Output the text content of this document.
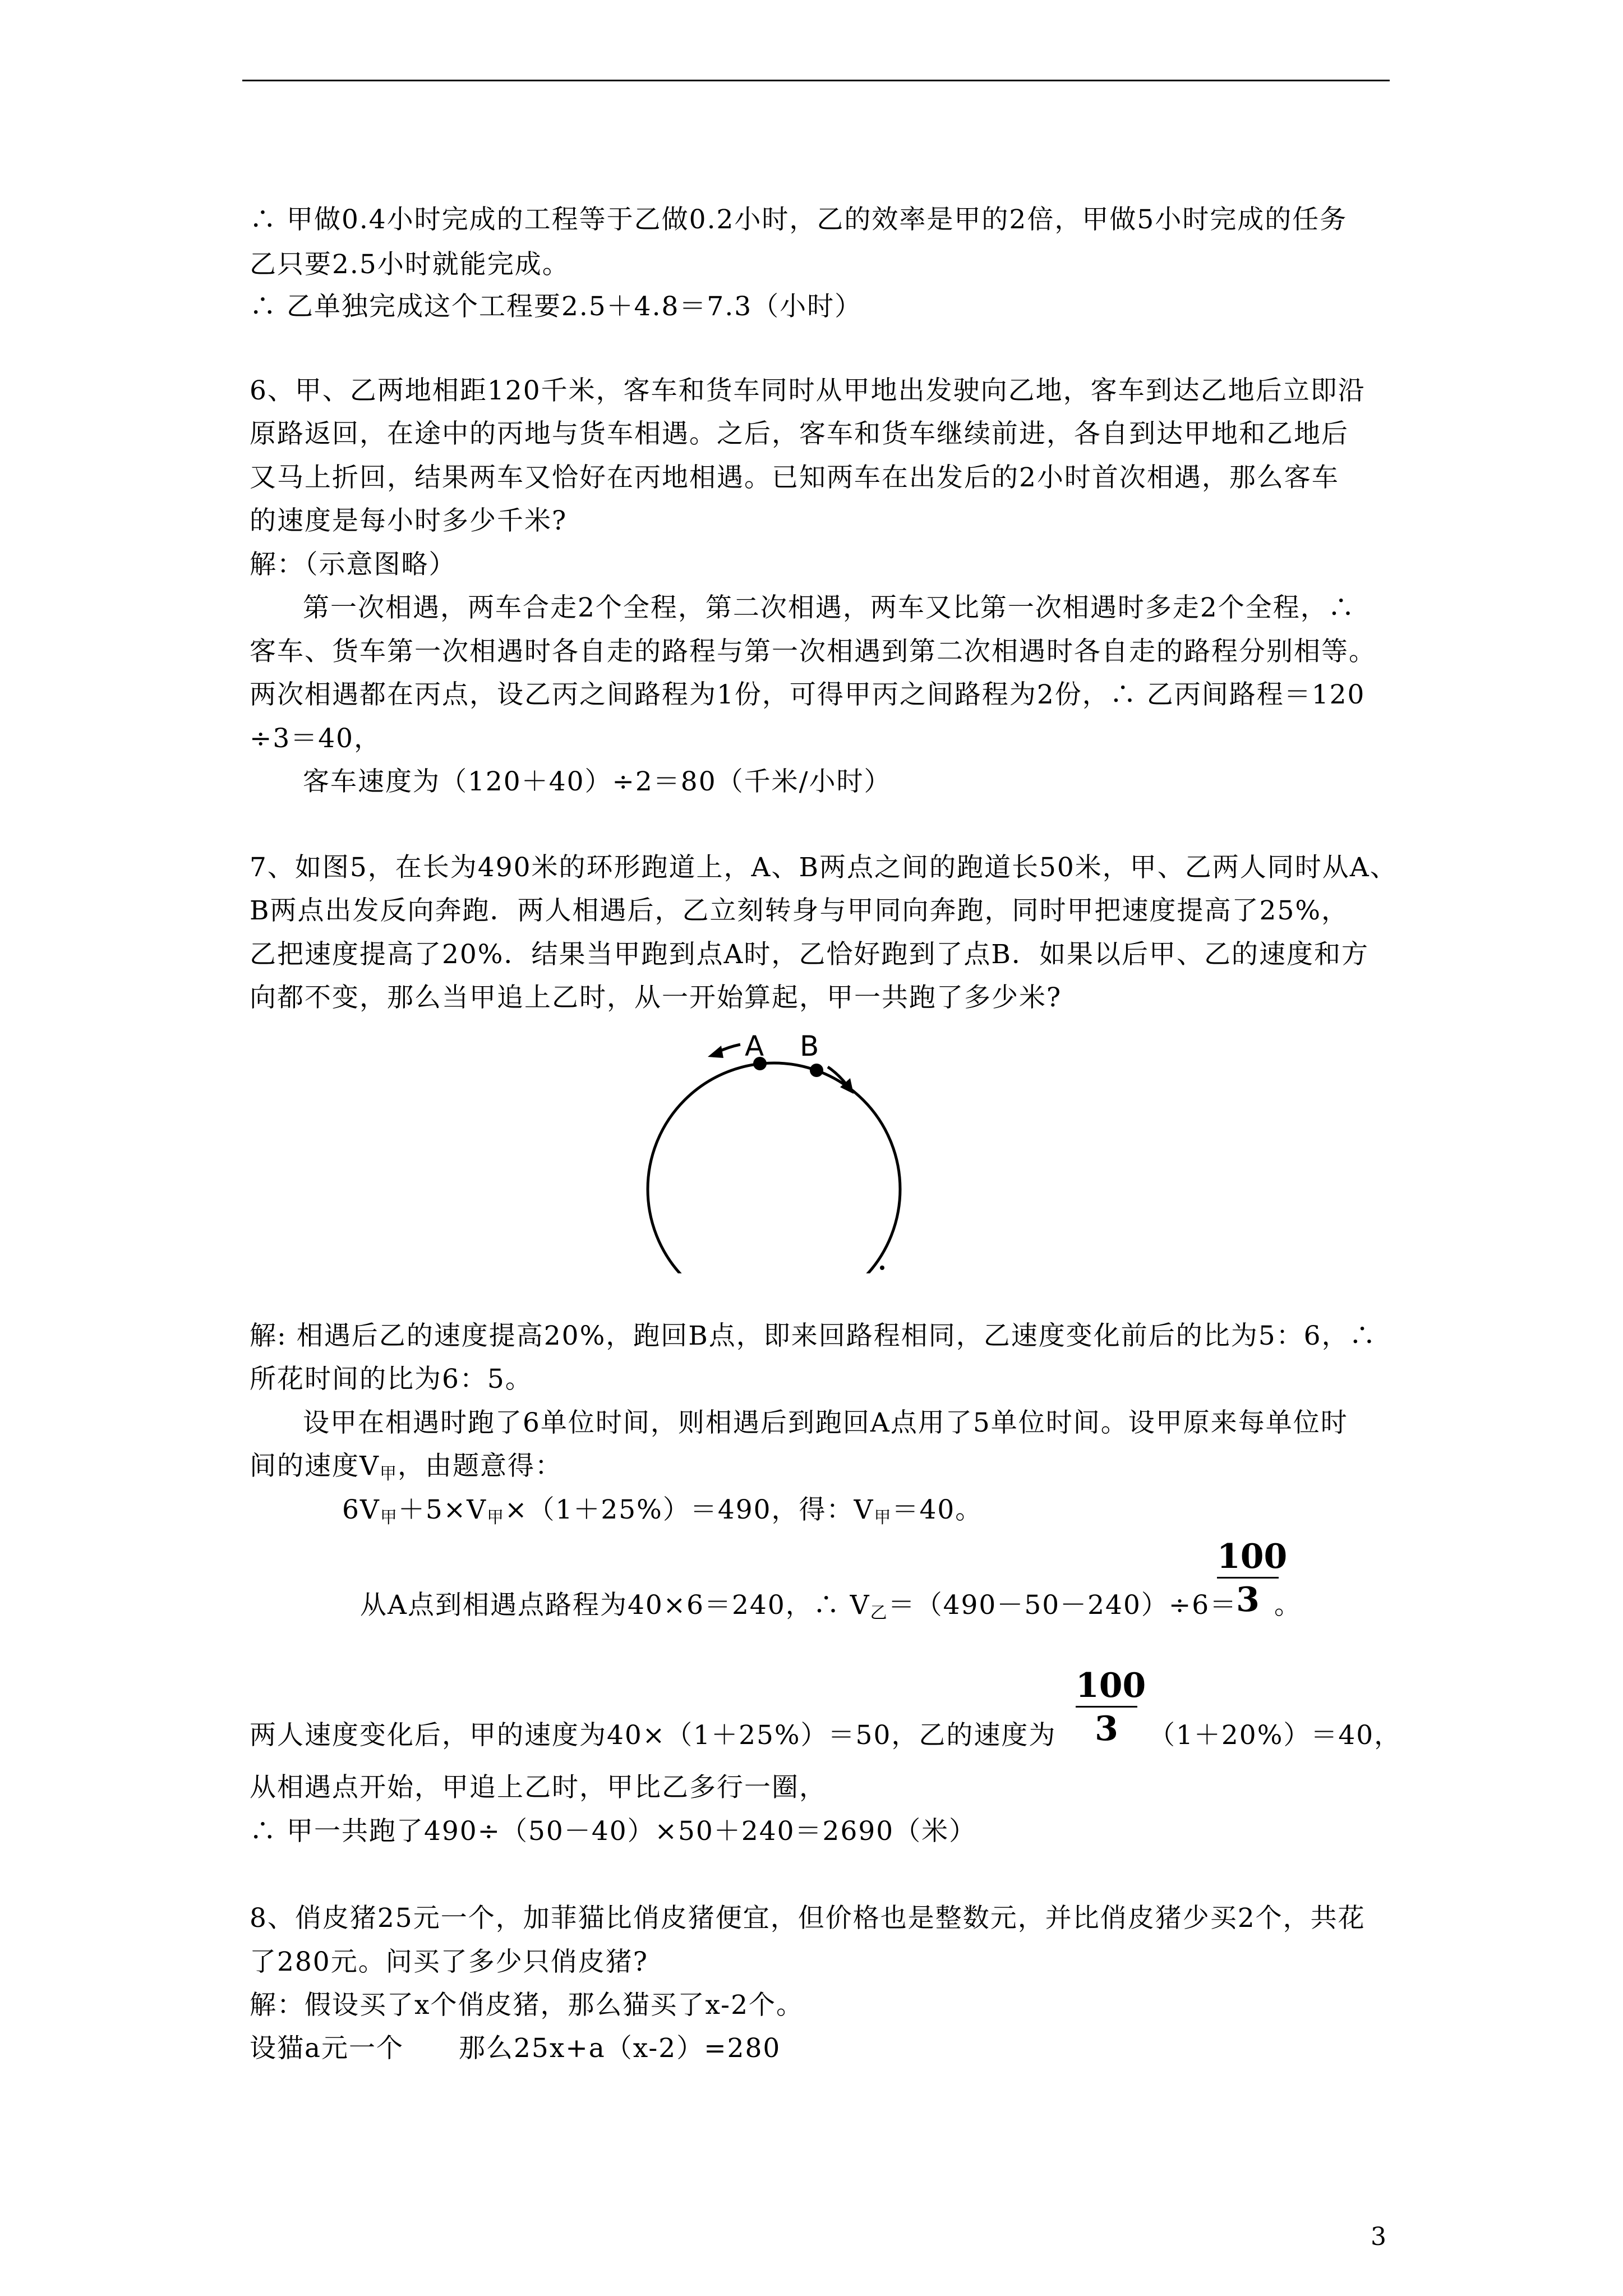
∴ 甲做0.4小时完成的工程等于乙做0.2小时，乙的效率是甲的2倍，甲做5小时完成的任务
乙只要2.5小时就能完成。
∴ 乙单独完成这个工程要2.5＋4.8＝7.3（小时）
6、甲、乙两地相距120千米，客车和货车同时从甲地出发驶向乙地，客车到达乙地后立即沿
原路返回，在途中的丙地与货车相遇。之后，客车和货车继续前进，各自到达甲地和乙地后
又马上折回，结果两车又恰好在丙地相遇。已知两车在出发后的2小时首次相遇，那么客车
的速度是每小时多少千米?
解：（示意图略）
第一次相遇，两车合走2个全程，第二次相遇，两车又比第一次相遇时多走2个全程，∴
客车、货车第一次相遇时各自走的路程与第一次相遇到第二次相遇时各自走的路程分别相等。
两次相遇都在丙点，设乙丙之间路程为1份，可得甲丙之间路程为2份，∴ 乙丙间路程＝120
÷3＝40，
客车速度为（120＋40）÷2＝80（千米/小时）
7、如图5，在长为490米的环形跑道上，A、B两点之间的跑道长50米，甲、乙两人同时从A、
B两点出发反向奔跑．两人相遇后，乙立刻转身与甲同向奔跑，同时甲把速度提高了25%，
乙把速度提高了20%．结果当甲跑到点A时，乙恰好跑到了点B．如果以后甲、乙的速度和方
向都不变，那么当甲追上乙时，从一开始算起，甲一共跑了多少米?
A B
解: 相遇后乙的速度提高20%，跑回B点，即来回路程相同，乙速度变化前后的比为5：6，∴
所花时间的比为6：5。
设甲在相遇时跑了6单位时间，则相遇后到跑回A点用了5单位时间。设甲原来每单位时
间的速度$V_甲$，由题意得：
$6V_甲+5\times V_甲\times(1+25\%)=490$，得：$V_甲=40$。
100
3
从A点到相遇点路程为40×6＝240，∴ $V_乙=(490-50-240)\div 6=$ 。
100
3
两人速度变化后，甲的速度为40×（1＋25%）＝50，乙的速度为	（1＋20%）＝40，
从相遇点开始，甲追上乙时，甲比乙多行一圈，
∴ 甲一共跑了490÷（50－40）×50＋240＝2690（米）
8、俏皮猪25元一个，加菲猫比俏皮猪便宜，但价格也是整数元，并比俏皮猪少买2个，共花
了280元。问买了多少只俏皮猪?
解：假设买了x个俏皮猪，那么猫买了x-2个。
设猫a元一个　　那么25x+a（x-2）=280
3
